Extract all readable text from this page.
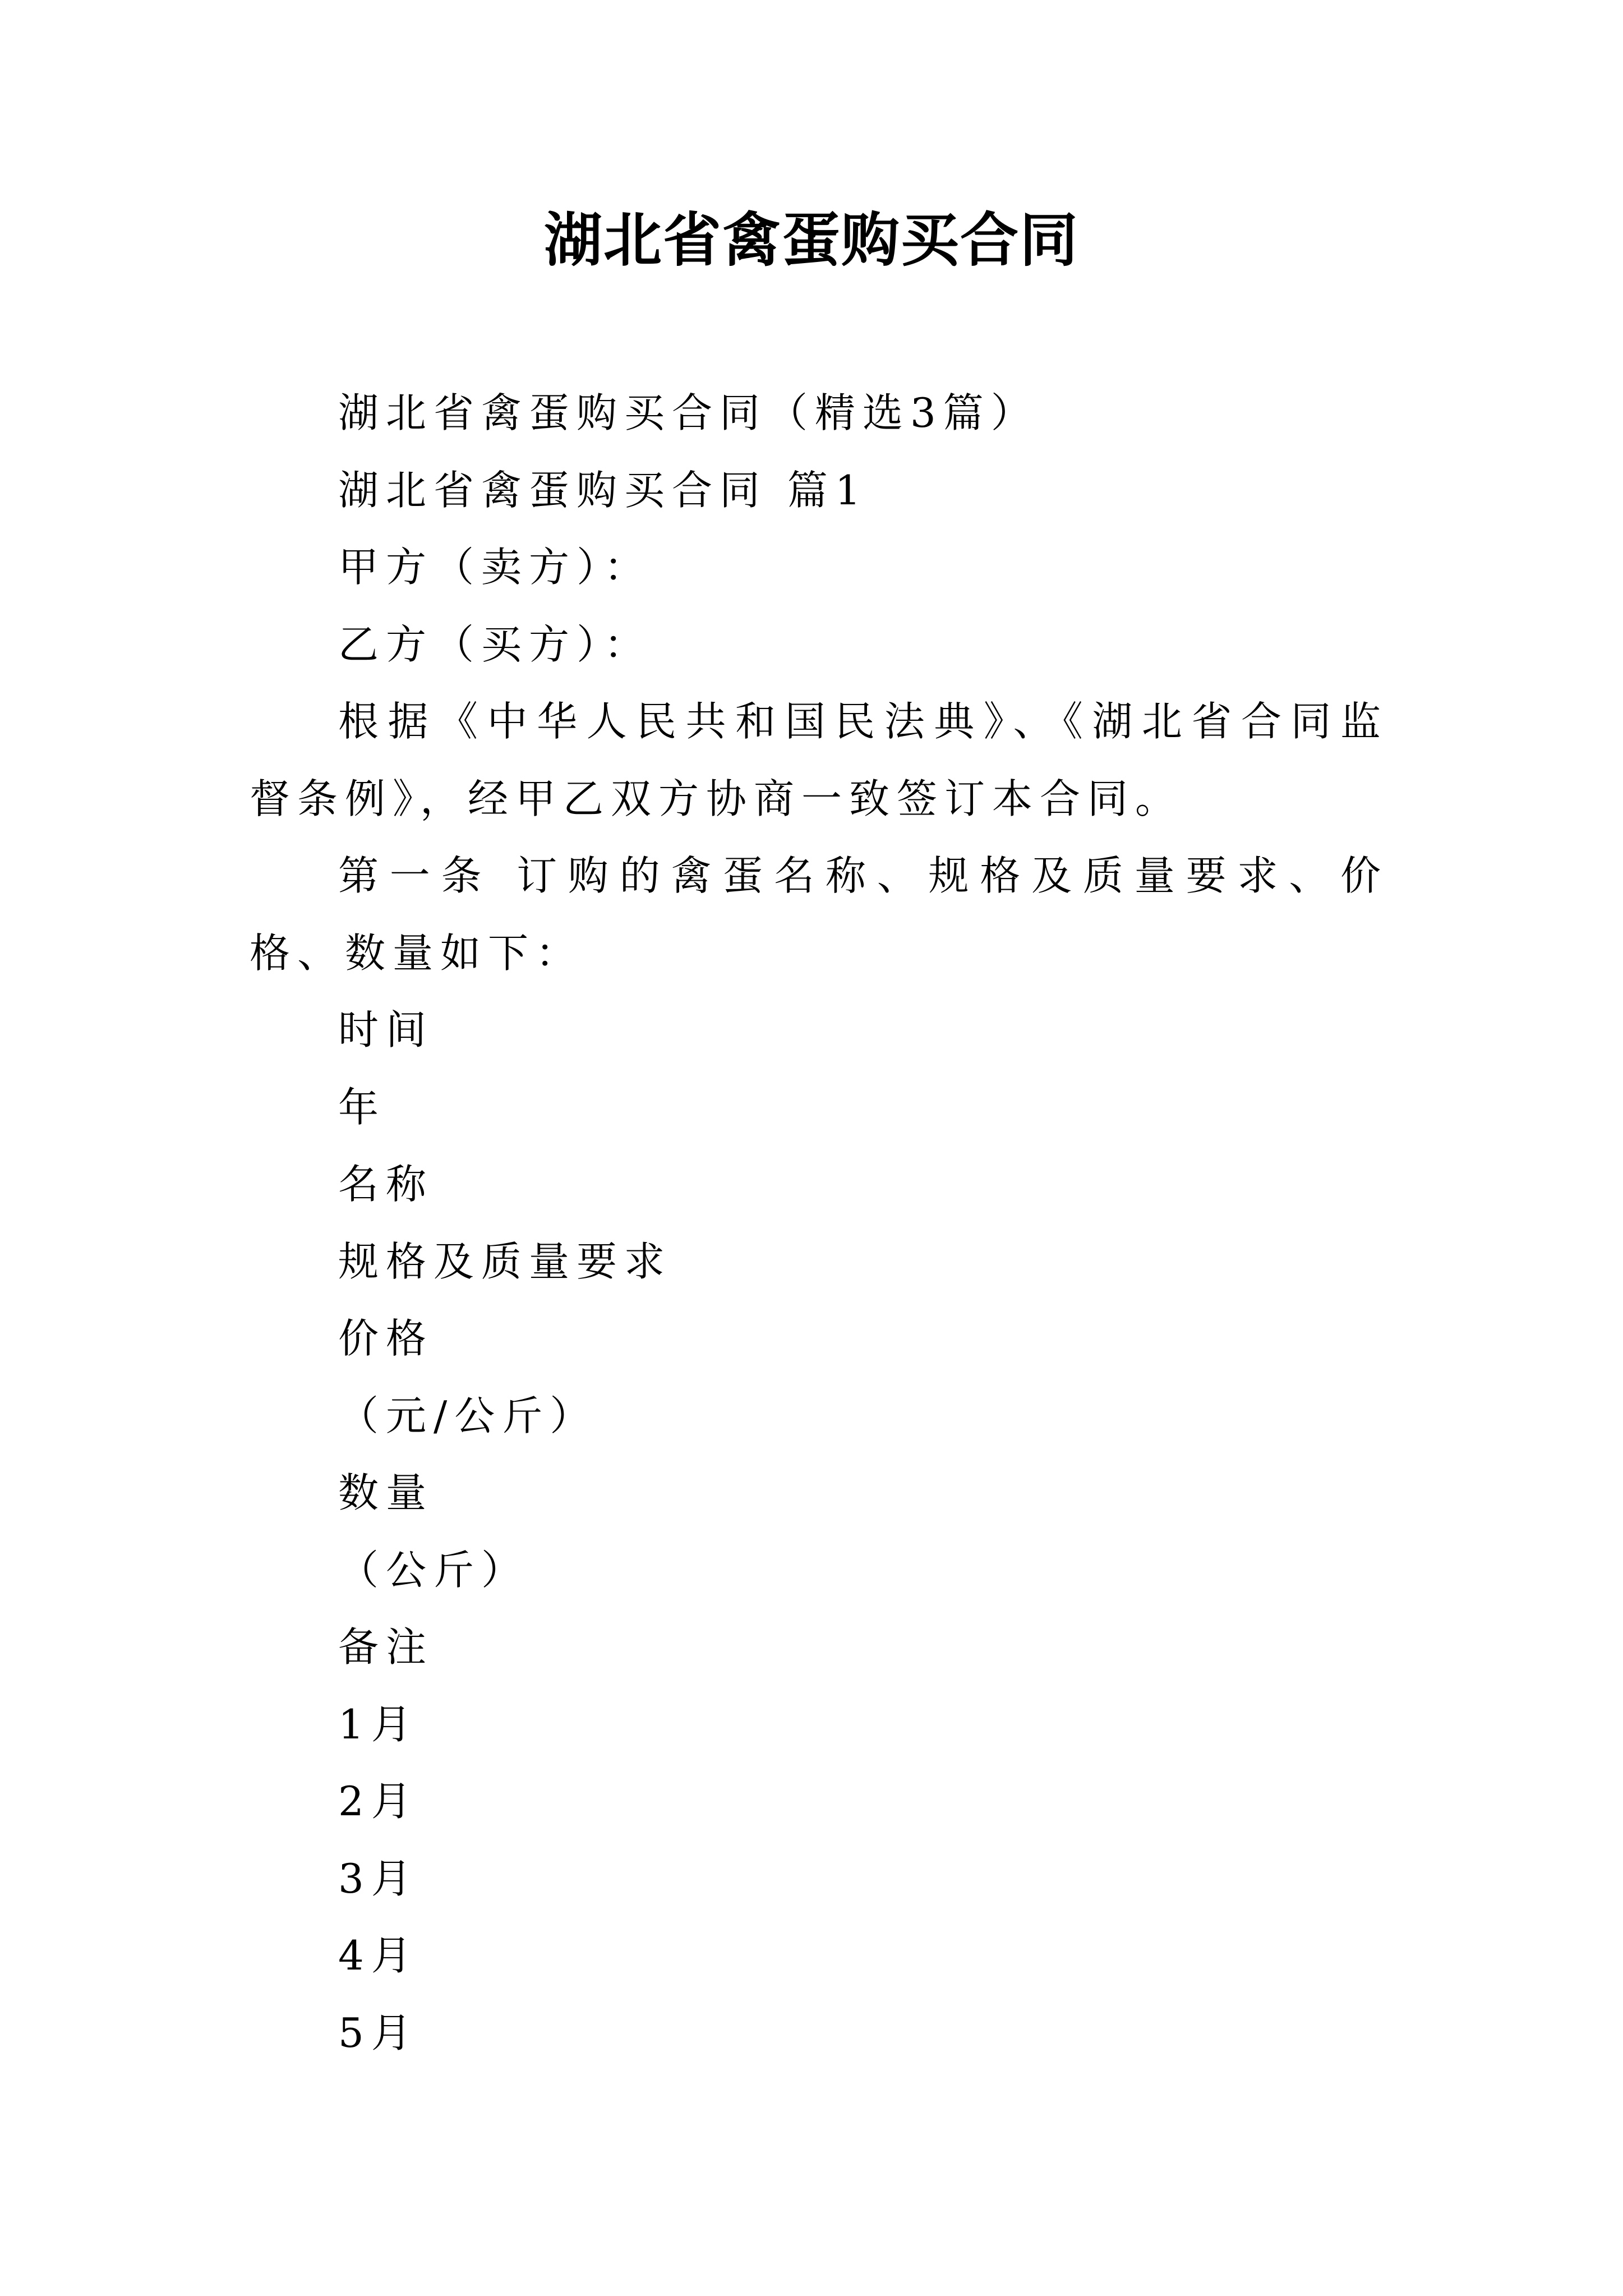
湖北省禽蛋购买合同

湖北省禽蛋购买合同（精选3篇）

湖北省禽蛋购买合同 篇1

甲方（卖方）：

乙方（买方）：

根据《中华人民共和国民法典》、《湖北省合同监督条例》，经甲乙双方协商一致签订本合同。

第一条 订购的禽蛋名称、规格及质量要求、价格、数量如下：

时间

年

名称

规格及质量要求

价格

（元/公斤）

数量

（公斤）

备注

1月

2月

3月

4月

5月
